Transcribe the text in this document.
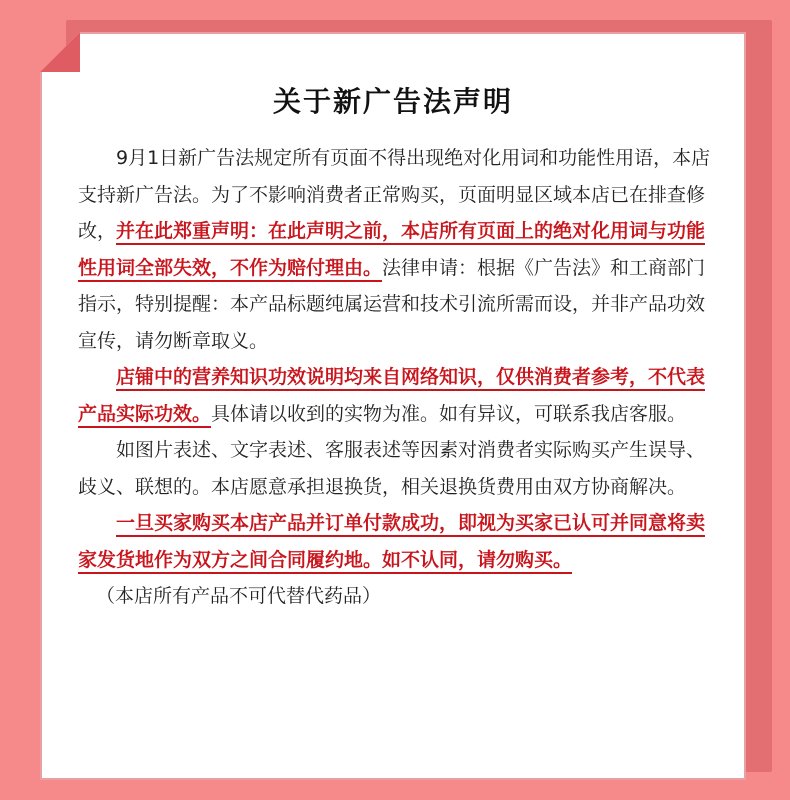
关于新广告法声明

9月1日新广告法规定所有页面不得出现绝对化用词和功能性用语，本店支持新广告法。为了不影响消费者正常购买，页面明显区域本店已在排查修改，并在此郑重声明：在此声明之前，本店所有页面上的绝对化用词与功能性用词全部失效，不作为赔付理由。法律申请：根据《广告法》和工商部门指示，特别提醒：本产品标题纯属运营和技术引流所需而设，并非产品功效宣传，请勿断章取义。

店铺中的营养知识功效说明均来自网络知识，仅供消费者参考，不代表产品实际功效。具体请以收到的实物为准。如有异议，可联系我店客服。

如图片表述、文字表述、客服表述等因素对消费者实际购买产生误导、歧义、联想的。本店愿意承担退换货，相关退换货费用由双方协商解决。

一旦买家购买本店产品并订单付款成功，即视为买家已认可并同意将卖家发货地作为双方之间合同履约地。如不认同，请勿购买。

（本店所有产品不可代替代药品）
